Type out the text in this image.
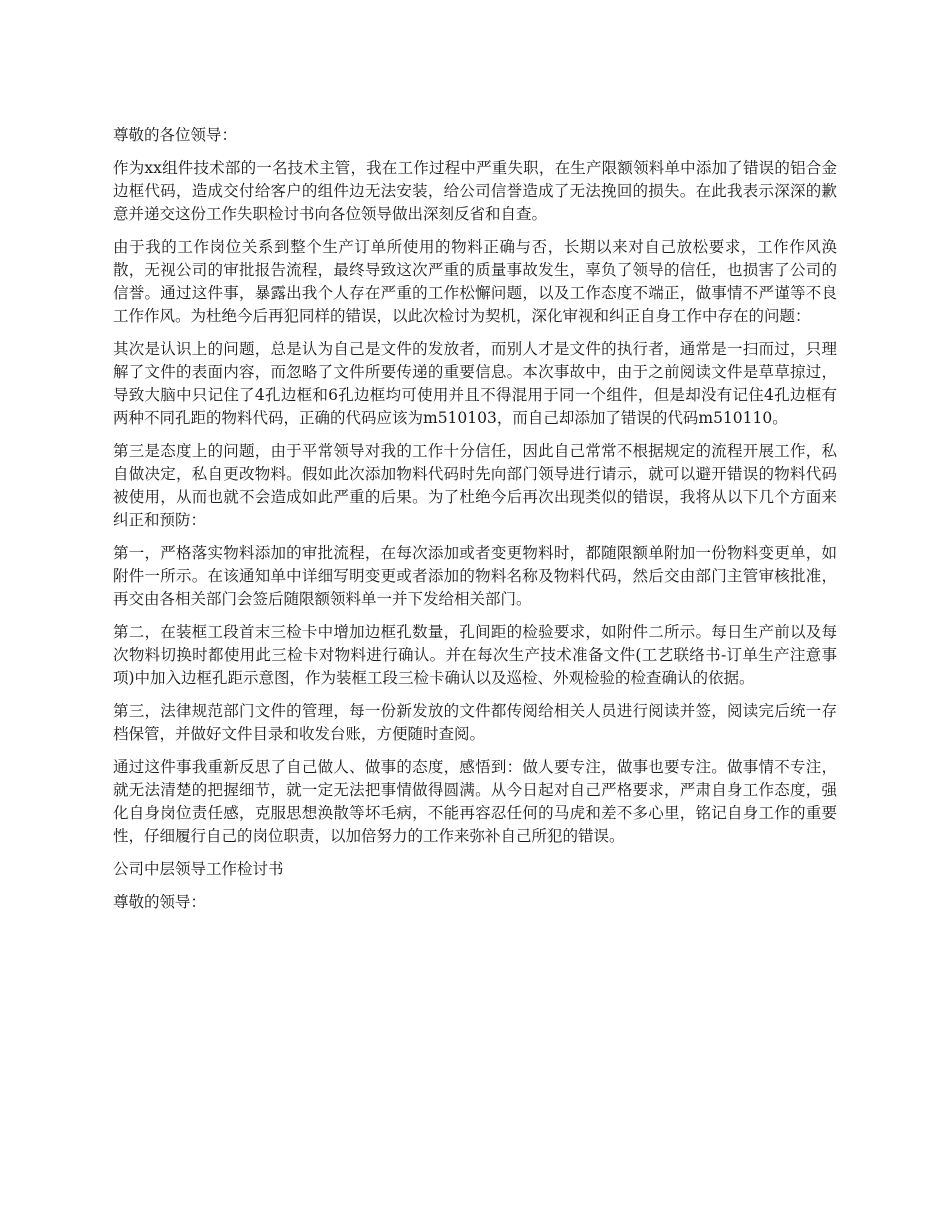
尊敬的各位领导：

作为xx组件技术部的一名技术主管，我在工作过程中严重失职，在生产限额领料单中添加了错误的铝合金边框代码，造成交付给客户的组件边无法安装，给公司信誉造成了无法挽回的损失。在此我表示深深的歉意并递交这份工作失职检讨书向各位领导做出深刻反省和自查。

由于我的工作岗位关系到整个生产订单所使用的物料正确与否，长期以来对自己放松要求，工作作风涣散，无视公司的审批报告流程，最终导致这次严重的质量事故发生，辜负了领导的信任，也损害了公司的信誉。通过这件事，暴露出我个人存在严重的工作松懈问题，以及工作态度不端正，做事情不严谨等不良工作作风。为杜绝今后再犯同样的错误，以此次检讨为契机，深化审视和纠正自身工作中存在的问题：

其次是认识上的问题，总是认为自己是文件的发放者，而别人才是文件的执行者，通常是一扫而过，只理解了文件的表面内容，而忽略了文件所要传递的重要信息。本次事故中，由于之前阅读文件是草草掠过，导致大脑中只记住了4孔边框和6孔边框均可使用并且不得混用于同一个组件，但是却没有记住4孔边框有两种不同孔距的物料代码，正确的代码应该为m510103，而自己却添加了错误的代码m510110。

第三是态度上的问题，由于平常领导对我的工作十分信任，因此自己常常不根据规定的流程开展工作，私自做决定，私自更改物料。假如此次添加物料代码时先向部门领导进行请示，就可以避开错误的物料代码被使用，从而也就不会造成如此严重的后果。为了杜绝今后再次出现类似的错误，我将从以下几个方面来纠正和预防：

第一，严格落实物料添加的审批流程，在每次添加或者变更物料时，都随限额单附加一份物料变更单，如附件一所示。在该通知单中详细写明变更或者添加的物料名称及物料代码，然后交由部门主管审核批准，再交由各相关部门会签后随限额领料单一并下发给相关部门。

第二，在装框工段首末三检卡中增加边框孔数量，孔间距的检验要求，如附件二所示。每日生产前以及每次物料切换时都使用此三检卡对物料进行确认。并在每次生产技术准备文件(工艺联络书-订单生产注意事项)中加入边框孔距示意图，作为装框工段三检卡确认以及巡检、外观检验的检查确认的依据。

第三，法律规范部门文件的管理，每一份新发放的文件都传阅给相关人员进行阅读并签，阅读完后统一存档保管，并做好文件目录和收发台账，方便随时查阅。

通过这件事我重新反思了自己做人、做事的态度，感悟到：做人要专注，做事也要专注。做事情不专注，就无法清楚的把握细节，就一定无法把事情做得圆满。从今日起对自己严格要求，严肃自身工作态度，强化自身岗位责任感，克服思想涣散等坏毛病，不能再容忍任何的马虎和差不多心里，铭记自身工作的重要性，仔细履行自己的岗位职责，以加倍努力的工作来弥补自己所犯的错误。

公司中层领导工作检讨书

尊敬的领导：
